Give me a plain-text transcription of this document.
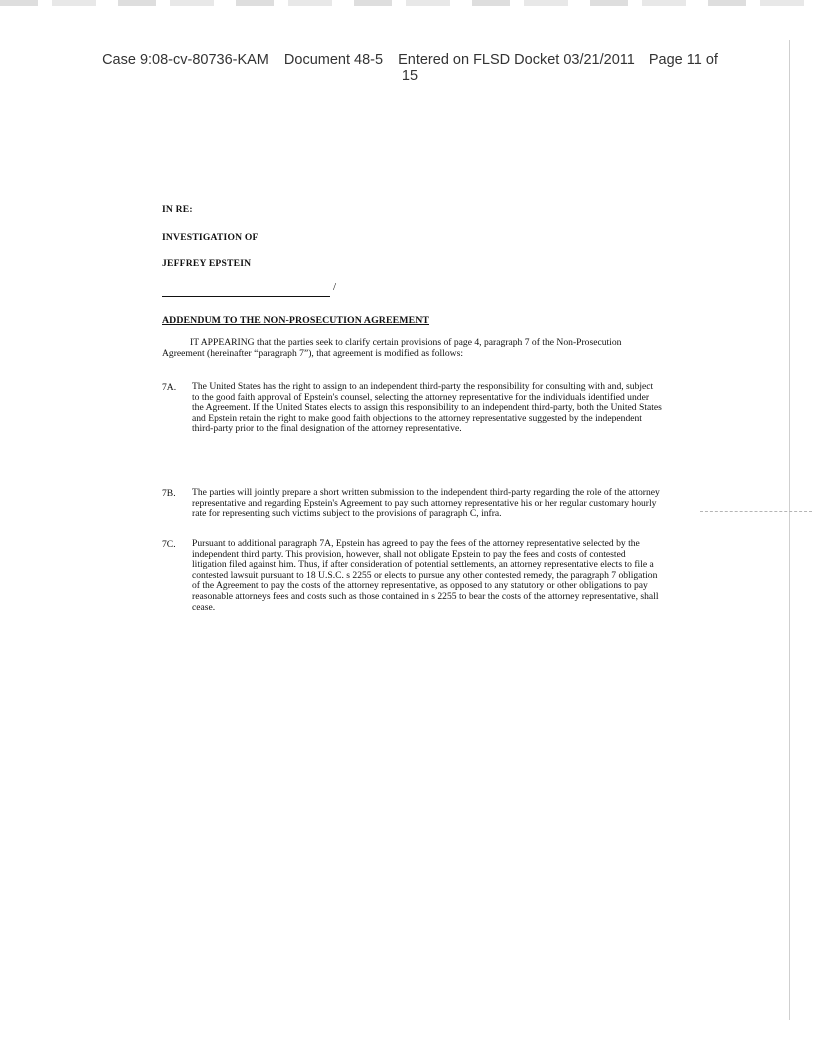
Case 9:08-cv-80736-KAM Document 48-5 Entered on FLSD Docket 03/21/2011 Page 11 of
15

IN RE:

INVESTIGATION OF

JEFFREY EPSTEIN

/
ADDENDUM TO THE NON-PROSECUTION AGREEMENT

IT APPEARING that the parties seek to clarify certain provisions of page 4, paragraph 7 of the Non-Prosecution Agreement (hereinafter “paragraph 7”), that agreement is modified as follows:

7A. The United States has the right to assign to an independent third-party the responsibility for consulting with and, subject to the good faith approval of Epstein's counsel, selecting the attorney representative for the individuals identified under the Agreement. If the United States elects to assign this responsibility to an independent third-party, both the United States and Epstein retain the right to make good faith objections to the attorney representative suggested by the independent third-party prior to the final designation of the attorney representative.

7B. The parties will jointly prepare a short written submission to the independent third-party regarding the role of the attorney representative and regarding Epstein's Agreement to pay such attorney representative his or her regular customary hourly rate for representing such victims subject to the provisions of paragraph C, infra.

7C. Pursuant to additional paragraph 7A, Epstein has agreed to pay the fees of the attorney representative selected by the independent third party. This provision, however, shall not obligate Epstein to pay the fees and costs of contested litigation filed against him. Thus, if after consideration of potential settlements, an attorney representative elects to file a contested lawsuit pursuant to 18 U.S.C. s 2255 or elects to pursue any other contested remedy, the paragraph 7 obligation of the Agreement to pay the costs of the attorney representative, as opposed to any statutory or other obligations to pay reasonable attorneys fees and costs such as those contained in s 2255 to bear the costs of the attorney representative, shall cease.
